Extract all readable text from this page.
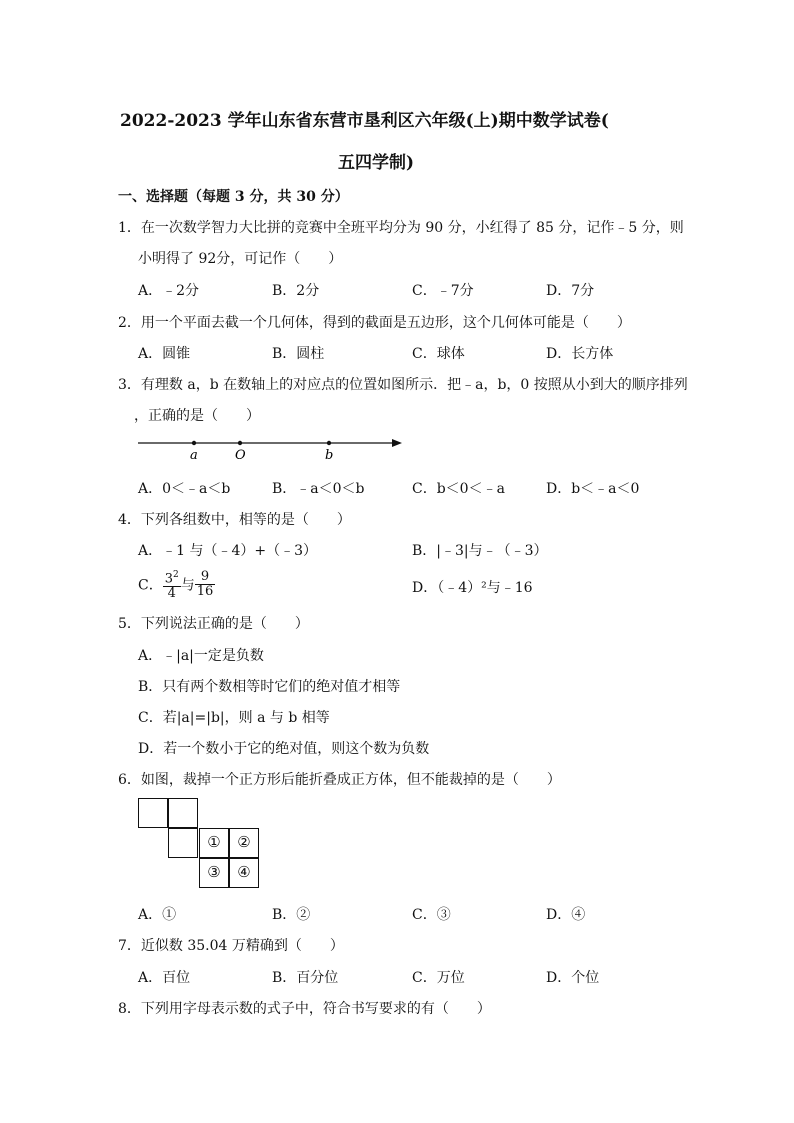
2022-2023 学年山东省东营市垦利区六年级(上)期中数学试卷(
五四学制)
一、选择题（每题 3 分，共 30 分）
1．在一次数学智力大比拼的竞赛中全班平均分为 90 分，小红得了 85 分，记作﹣5 分，则
小明得了 92分，可记作（　　）
A．﹣2分	B．2分	C．﹣7分	D．7分
2．用一个平面去截一个几何体，得到的截面是五边形，这个几何体可能是（　　）
A．圆锥	B．圆柱	C．球体	D．长方体
3．有理数 a，b 在数轴上的对应点的位置如图所示．把﹣a，b，0 按照从小到大的顺序排列
，正确的是（　　）
a	O	b
A．0＜﹣a＜b	B．﹣a＜0＜b	C．b＜0＜﹣a	D．b＜﹣a＜0
4．下列各组数中，相等的是（　　）
A．﹣1 与（﹣4）+（﹣3）	B．|﹣3|与﹣（﹣3）
C． $\frac{3^2}{4}$ 与 $\frac{9}{16}$	D．（﹣4）²与﹣16
5．下列说法正确的是（　　）
A．﹣|a|一定是负数
B．只有两个数相等时它们的绝对值才相等
C．若|a|=|b|，则 a 与 b 相等
D．若一个数小于它的绝对值，则这个数为负数
6．如图，裁掉一个正方形后能折叠成正方体，但不能裁掉的是（　　）
①	②
③	④
A．①	B．②	C．③	D．④
7．近似数 35.04 万精确到（　　）
A．百位	B．百分位	C．万位	D．个位
8．下列用字母表示数的式子中，符合书写要求的有（　　）
